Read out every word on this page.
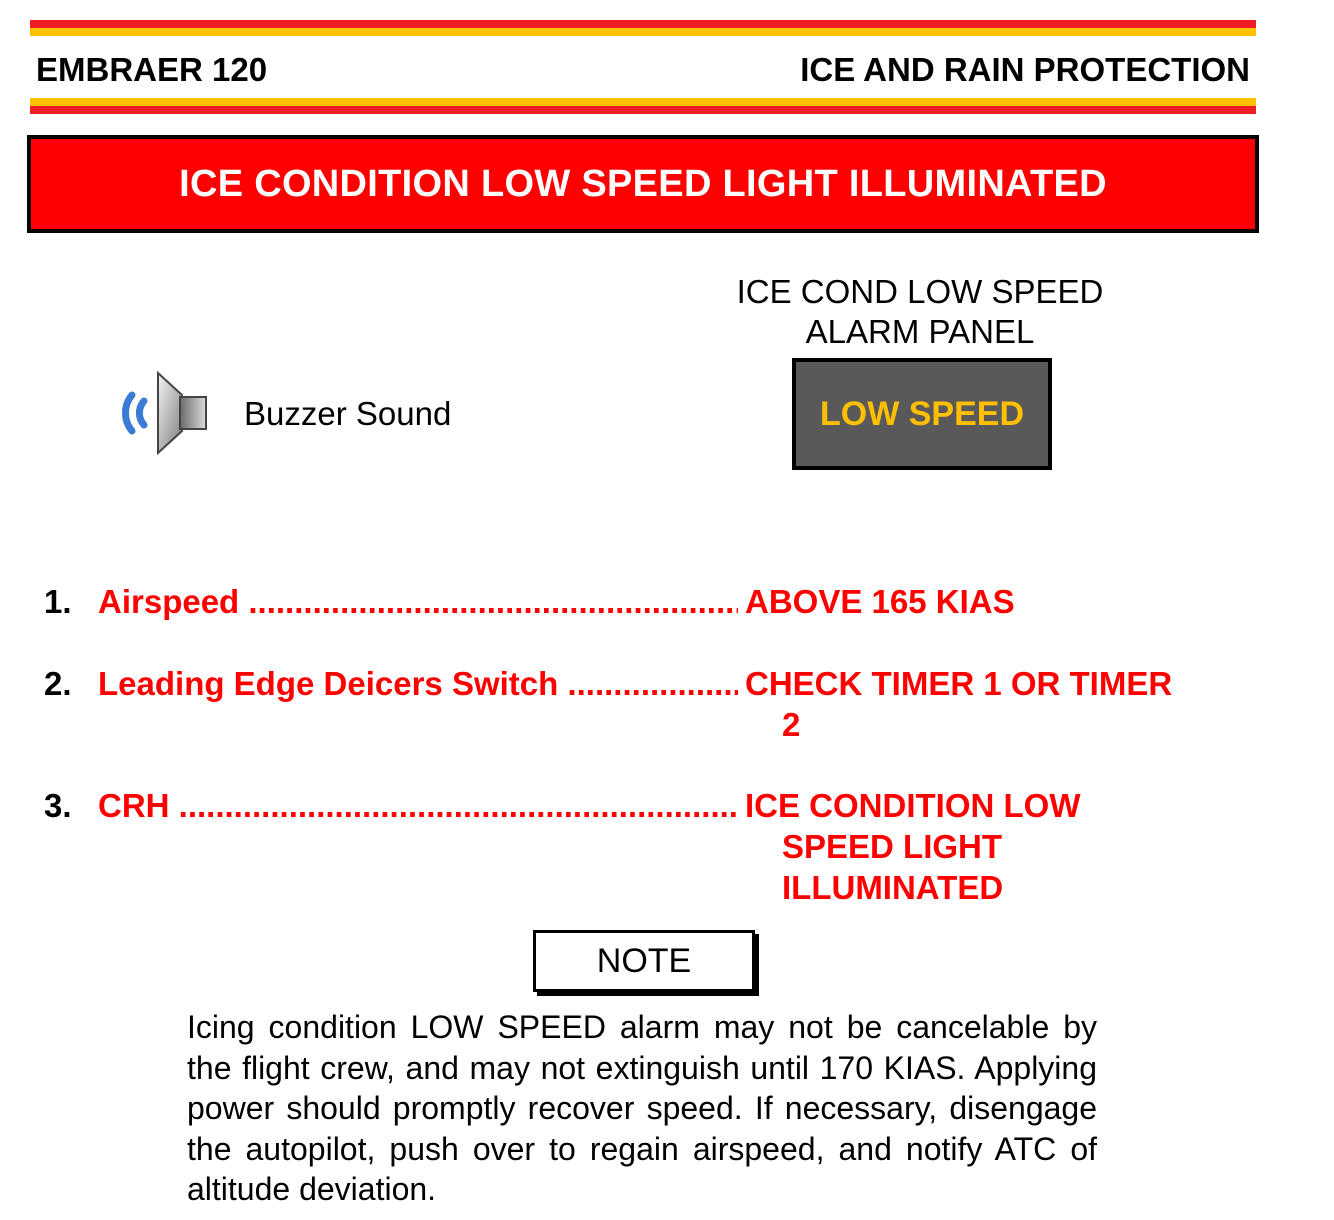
EMBRAER 120	ICE AND RAIN PROTECTION
ICE CONDITION LOW SPEED LIGHT ILLUMINATED
Buzzer Sound
ICE COND LOW SPEED
ALARM PANEL
LOW SPEED
1. Airspeed .....	ABOVE 165 KIAS
2. Leading Edge Deicers Switch .....	CHECK TIMER 1 OR TIMER
2
3. CRH .....	ICE CONDITION LOW
SPEED LIGHT
ILLUMINATED
NOTE
Icing condition LOW SPEED alarm may not be cancelable by the flight crew, and may not extinguish until 170 KIAS. Applying power should promptly recover speed. If necessary, disengage the autopilot, push over to regain airspeed, and notify ATC of altitude deviation.
